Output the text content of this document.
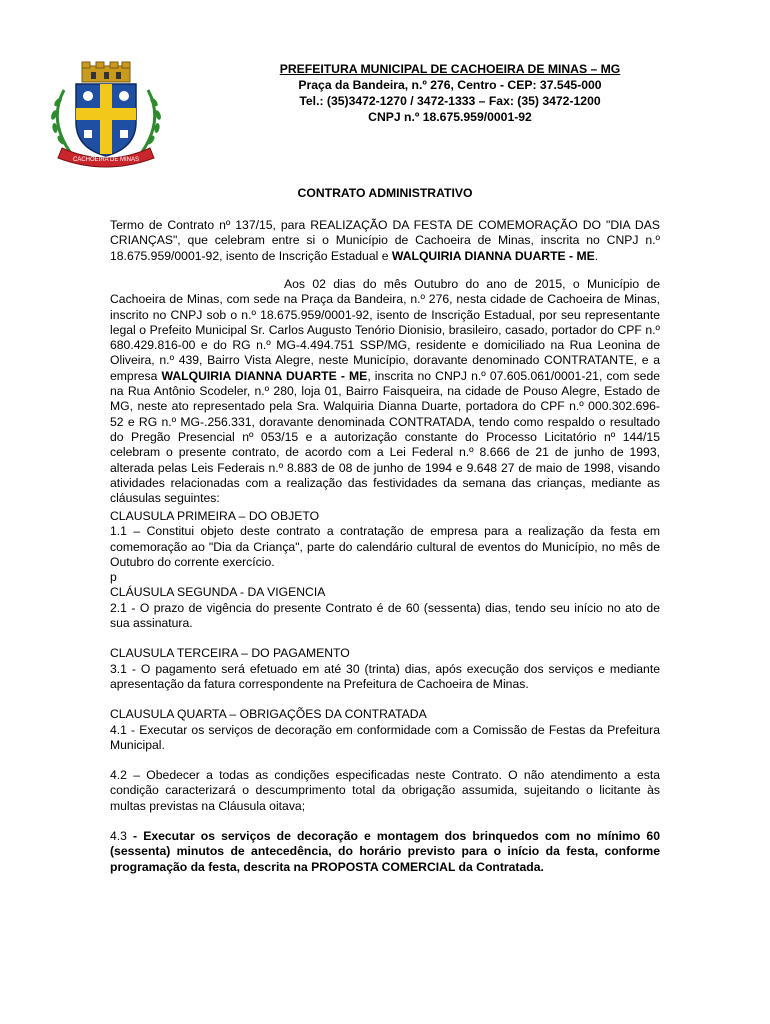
CACHOEIRA DE MINAS
PREFEITURA MUNICIPAL DE CACHOEIRA DE MINAS – MG
Praça da Bandeira, n.º 276, Centro - CEP: 37.545-000
Tel.: (35)3472-1270 / 3472-1333 – Fax: (35) 3472-1200
CNPJ n.º 18.675.959/0001-92
CONTRATO ADMINISTRATIVO

Termo de Contrato nº 137/15, para REALIZAÇÃO DA FESTA DE COMEMORAÇÃO DO "DIA DAS CRIANÇAS", que celebram entre si o Município de Cachoeira de Minas, inscrita no CNPJ n.º 18.675.959/0001-92, isento de Inscrição Estadual e WALQUIRIA DIANNA DUARTE - ME.

Aos 02 dias do mês Outubro do ano de 2015, o Município de Cachoeira de Minas, com sede na Praça da Bandeira, n.º 276, nesta cidade de Cachoeira de Minas, inscrito no CNPJ sob o n.º 18.675.959/0001-92, isento de Inscrição Estadual, por seu representante legal o Prefeito Municipal Sr. Carlos Augusto Tenório Dionisio, brasileiro, casado, portador do CPF n.º 680.429.816-00 e do RG n.º MG-4.494.751 SSP/MG, residente e domiciliado na Rua Leonina de Oliveira, n.º 439, Bairro Vista Alegre, neste Município, doravante denominado CONTRATANTE, e a empresa WALQUIRIA DIANNA DUARTE - ME, inscrita no CNPJ n.º 07.605.061/0001-21, com sede na Rua Antônio Scodeler, n.º 280, loja 01, Bairro Faisqueira, na cidade de Pouso Alegre, Estado de MG, neste ato representado pela Sra. Walquiria Dianna Duarte, portadora do CPF n.º 000.302.696-52 e RG n.º MG-.256.331, doravante denominada CONTRATADA, tendo como respaldo o resultado do Pregão Presencial nº 053/15 e a autorização constante do Processo Licitatório nº 144/15 celebram o presente contrato, de acordo com a Lei Federal n.º 8.666 de 21 de junho de 1993, alterada pelas Leis Federais n.º 8.883 de 08 de junho de 1994 e 9.648 27 de maio de 1998, visando atividades relacionadas com a realização das festividades da semana das crianças, mediante as cláusulas seguintes:

CLAUSULA PRIMEIRA – DO OBJETO

1.1 – Constitui objeto deste contrato a contratação de empresa para a realização da festa em comemoração ao "Dia da Criança", parte do calendário cultural de eventos do Município, no mês de Outubro do corrente exercício.

p

CLÁUSULA SEGUNDA - DA VIGENCIA

2.1 - O prazo de vigência do presente Contrato é de 60 (sessenta) dias, tendo seu início no ato de sua assinatura.

CLAUSULA TERCEIRA – DO PAGAMENTO

3.1 - O pagamento será efetuado em até 30 (trinta) dias, após execução dos serviços e mediante apresentação da fatura correspondente na Prefeitura de Cachoeira de Minas.

CLAUSULA QUARTA – OBRIGAÇÕES DA CONTRATADA

4.1 - Executar os serviços de decoração em conformidade com a Comissão de Festas da Prefeitura Municipal.

4.2 – Obedecer a todas as condições especificadas neste Contrato. O não atendimento a esta condição caracterizará o descumprimento total da obrigação assumida, sujeitando o licitante às multas previstas na Cláusula oitava;

4.3 - Executar os serviços de decoração e montagem dos brinquedos com no mínimo 60 (sessenta) minutos de antecedência, do horário previsto para o início da festa, conforme programação da festa, descrita na PROPOSTA COMERCIAL da Contratada.
